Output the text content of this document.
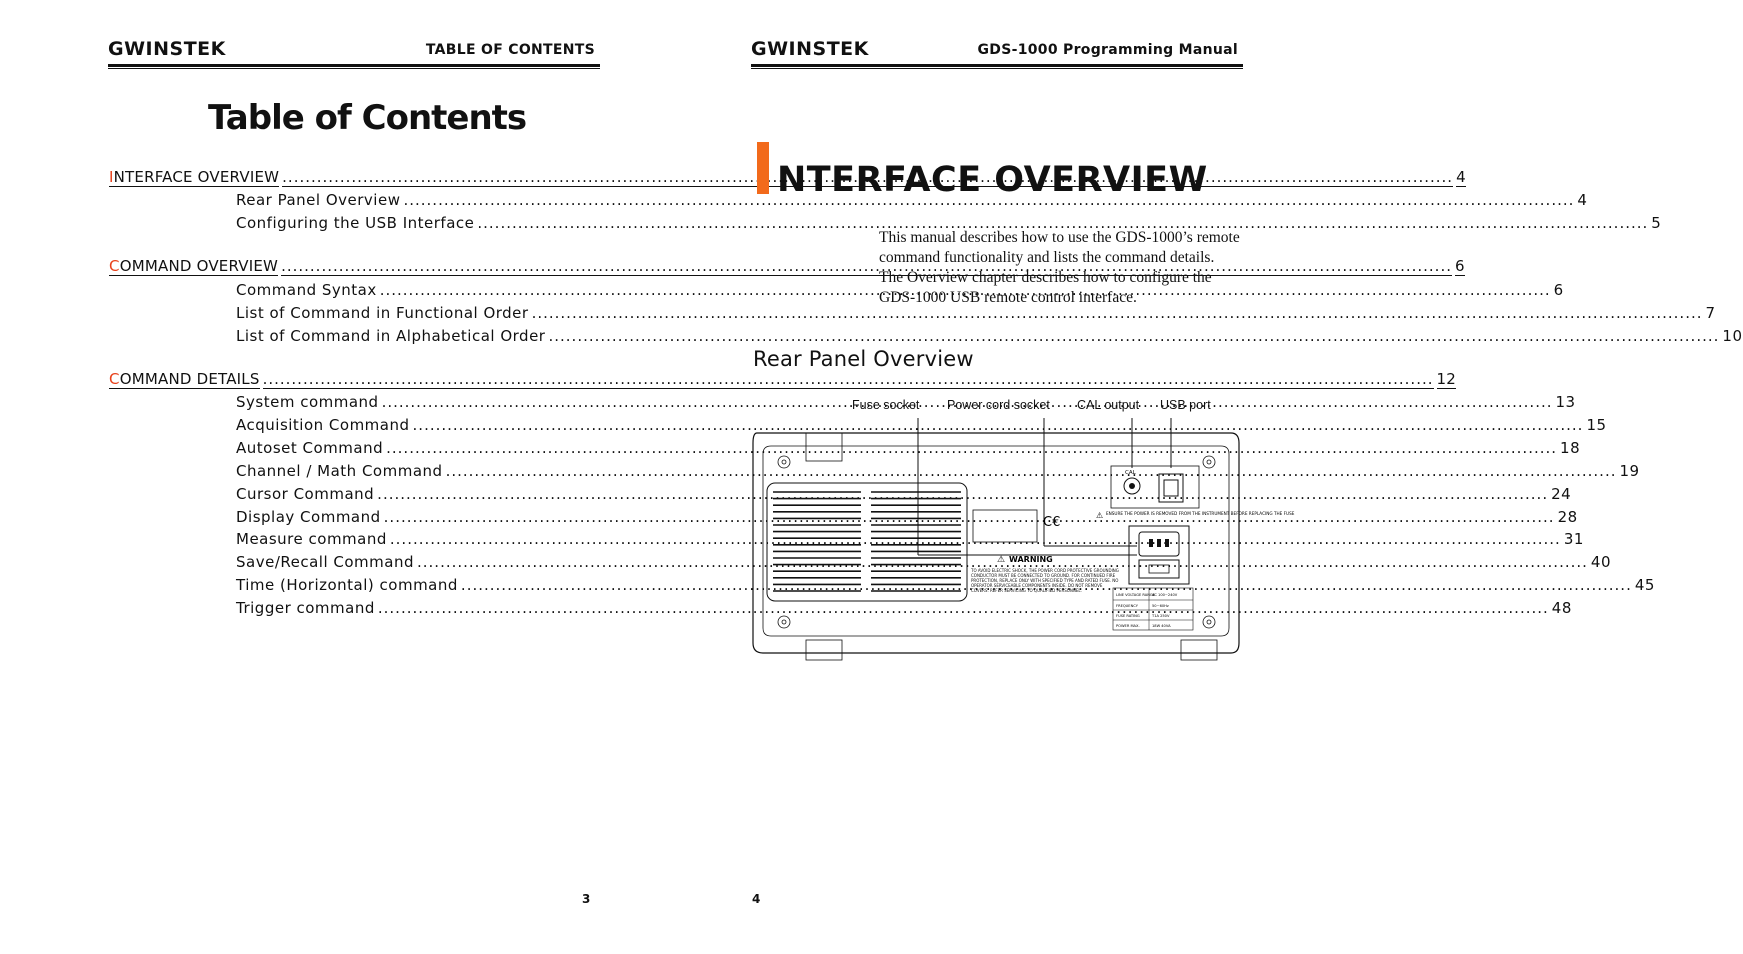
GWINSTEK	TABLE OF CONTENTS
Table of Contents
INTERFACE OVERVIEW .....	4
Rear Panel Overview .....	4
Configuring the USB Interface .....	5
COMMAND OVERVIEW .....	6
Command Syntax .....	6
List of Command in Functional Order .....	7
List of Command in Alphabetical Order .....	10
COMMAND DETAILS .....	12
System command .....	13
Acquisition Command .....	15
Autoset Command .....	18
Channel / Math Command .....	19
Cursor Command .....	24
Display Command .....	28
Measure command .....	31
Save/Recall Command .....	40
Time (Horizontal) command .....	45
Trigger command .....	48
3
GWINSTEK	GDS-1000 Programming Manual
NTERFACE OVERVIEW
This manual describes how to use the GDS-1000’s remote command functionality and lists the command details. The Overview chapter describes how to configure the GDS-1000 USB remote control interface.
Rear Panel Overview
Fuse socket Power cord socket CAL output USB port
C€
CAL
⚠ ENSURE THE POWER IS REMOVED FROM THE INSTRUMENT BEFORE REPLACING THE FUSE
⚠ WARNING
TO AVOID ELECTRIC SHOCK, THE POWER CORD PROTECTIVE GROUNDING CONDUCTOR MUST BE CONNECTED TO GROUND. FOR CONTINUED FIRE PROTECTION, REPLACE ONLY WITH SPECIFIED TYPE AND RATED FUSE. NO OPERATOR SERVICEABLE COMPONENTS INSIDE. DO NOT REMOVE COVERS. REFER SERVICING TO QUALIFIED PERSONNEL.
LINE VOLTAGE RANGE
AC 100~240V
FREQUENCY	50~60Hz
FUSE RATING	T1A 250V
POWER MAX.	18W 40VA
4
